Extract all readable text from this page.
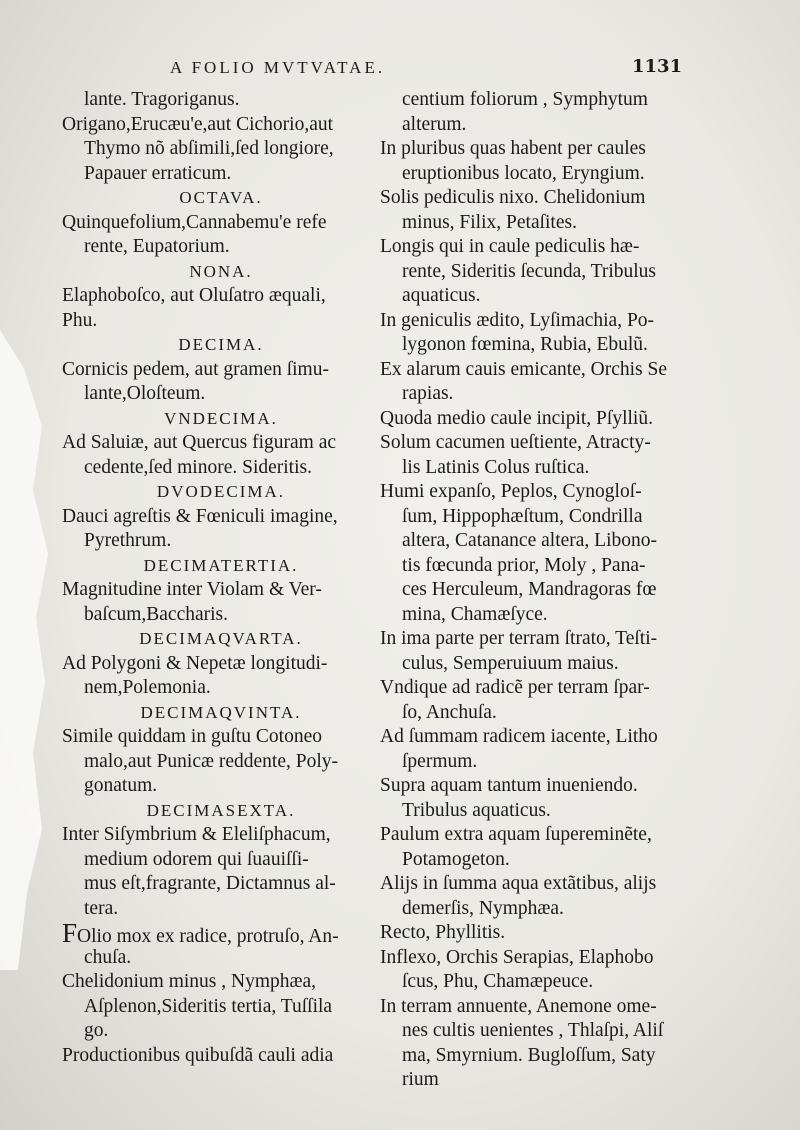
A FOLIO MVTVATAE.	1131
lante. Tragoriganus.
Origano,Erucæu'e,aut Cichorio,aut
Thymo nõ abſimili,ſed longiore,
Papauer erraticum.
OCTAVA.
Quinquefolium,Cannabemu'e refe
rente, Eupatorium.
NONA.
Elaphoboſco, aut Oluſatro æquali,
Phu.
DECIMA.
Cornicis pedem, aut gramen ſimu-
lante,Oloſteum.
VNDECIMA.
Ad Saluiæ, aut Quercus figuram ac
cedente,ſed minore. Sideritis.
DVODECIMA.
Dauci agreſtis & Fœniculi imagine,
Pyrethrum.
DECIMATERTIA.
Magnitudine inter Violam & Ver-
baſcum,Baccharis.
DECIMAQVARTA.
Ad Polygoni & Nepetæ longitudi-
nem,Polemonia.
DECIMAQVINTA.
Simile quiddam in guſtu Cotoneo
malo,aut Punicæ reddente, Poly-
gonatum.
DECIMASEXTA.
Inter Siſymbrium & Eleliſphacum,
medium odorem qui ſuauiſſi-
mus eſt,fragrante, Dictamnus al-
tera.
FOlio mox ex radice, protruſo, An-
chuſa.
Chelidonium minus , Nymphæa,
Aſplenon,Sideritis tertia, Tuſſila
go.
Productionibus quibuſdã cauli adia
centium foliorum , Symphytum
alterum.
In pluribus quas habent per caules
eruptionibus locato, Eryngium.
Solis pediculis nixo. Chelidonium
minus, Filix, Petaſites.
Longis qui in caule pediculis hæ-
rente, Sideritis ſecunda, Tribulus
aquaticus.
In geniculis ædito, Lyſimachia, Po-
lygonon fœmina, Rubia, Ebulũ.
Ex alarum cauis emicante, Orchis Se
rapias.
Quoda medio caule incipit, Pſylliũ.
Solum cacumen ueſtiente, Atracty-
lis Latinis Colus ruſtica.
Humi expanſo, Peplos, Cynogloſ-
ſum, Hippophæſtum, Condrilla
altera, Catanance altera, Libono-
tis fœcunda prior, Moly , Pana-
ces Herculeum, Mandragoras fœ
mina, Chamæſyce.
In ima parte per terram ſtrato, Teſti-
culus, Semperuiuum maius.
Vndique ad radicẽ per terram ſpar-
ſo, Anchuſa.
Ad ſummam radicem iacente, Litho
ſpermum.
Supra aquam tantum inueniendo.
Tribulus aquaticus.
Paulum extra aquam ſupereminẽte,
Potamogeton.
Alijs in ſumma aqua extãtibus, alijs
demerſis, Nymphæa.
Recto, Phyllitis.
Inflexo, Orchis Serapias, Elaphobo
ſcus, Phu, Chamæpeuce.
In terram annuente, Anemone ome-
nes cultis uenientes , Thlaſpi, Aliſ
ma, Smyrnium. Bugloſſum, Saty
rium
